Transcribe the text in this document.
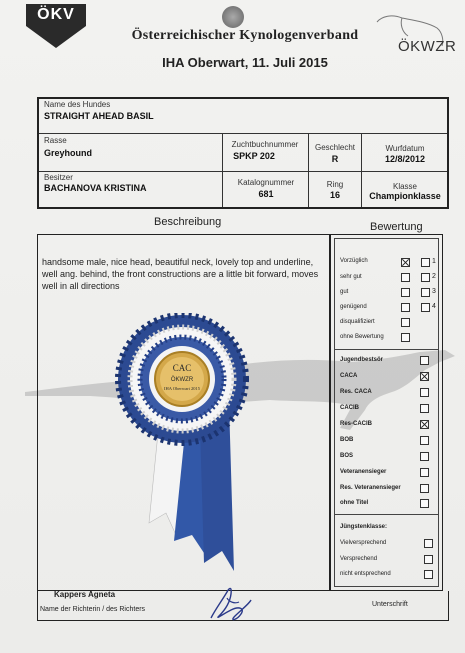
ÖKV
Österreichischer Kynologenverband
IHA Oberwart, 11. Juli 2015
ÖKWZR
Name des Hundes
STRAIGHT AHEAD BASIL
Rasse
Greyhound
Zuchtbuchnummer
SPKP 202
Geschlecht
R
Wurfdatum
12/8/2012
Besitzer
BACHANOVA KRISTINA
Katalognummer
681
Ring
16
Klasse
Championklasse
Beschreibung	Bewertung
handsome male, nice head, beautiful neck, lovely top and underline, well ang. behind, the front constructions are a little bit forward, moves well in all directions
CAC
ÖKWZR
IHA Oberwart 2015
Vorzüglich
sehr gut
gut
genügend
disqualifiziert
ohne Bewertung
1
2
3
4
Jugendbestsör
CACA
Res. CACA
CACIB
Res-CACIB
BOB
BOS
Veteranensieger
Res. Veteranensieger
ohne Titel
Jüngstenklasse:
Vielversprechend
Versprechend
nicht entsprechend
Kappers Agneta
Name der Richterin / des Richters
Unterschrift
